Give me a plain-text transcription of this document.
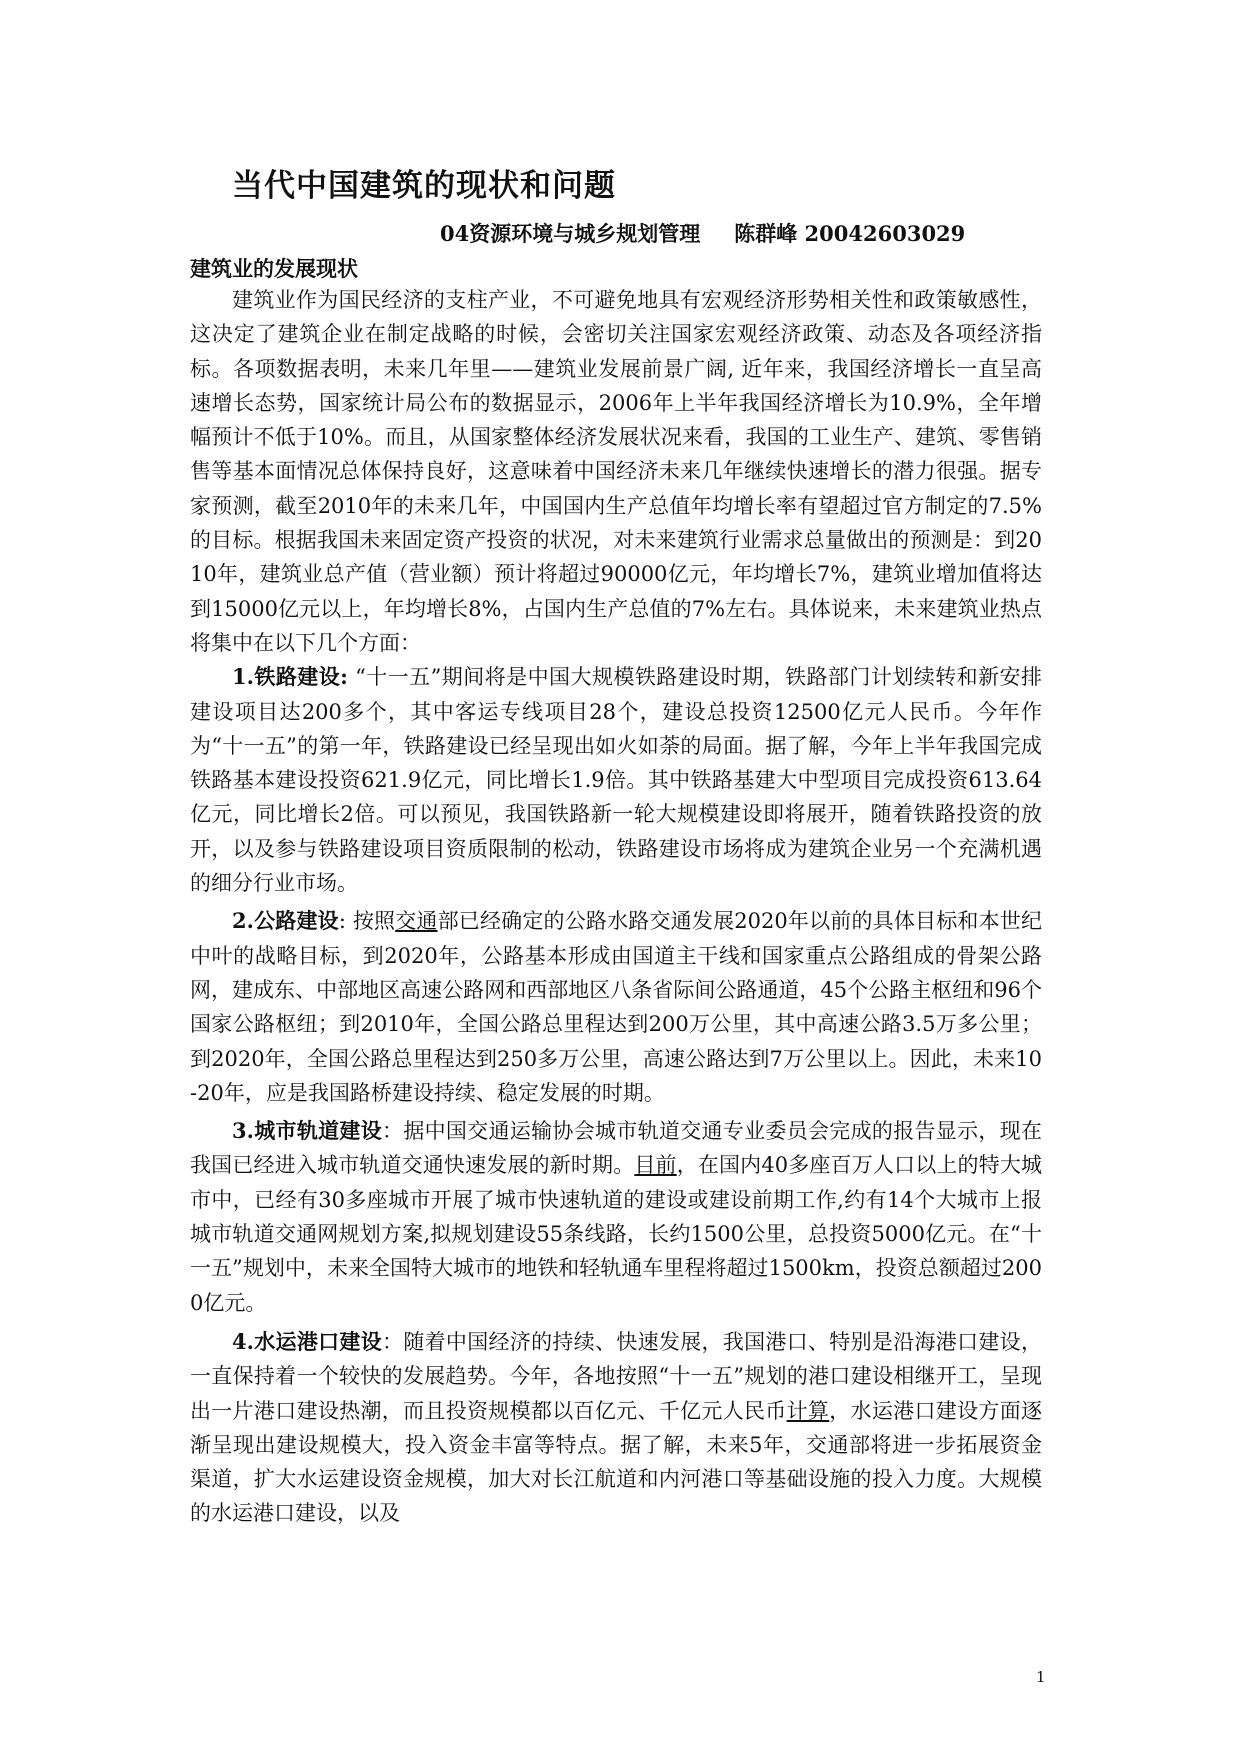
当代中国建筑的现状和问题
04资源环境与城乡规划管理 陈群峰 20042603029
建筑业的发展现状

建筑业作为国民经济的支柱产业，不可避免地具有宏观经济形势相关性和政策敏感性，这决定了建筑企业在制定战略的时候，会密切关注国家宏观经济政策、动态及各项经济指标。各项数据表明，未来几年里——建筑业发展前景广阔, 近年来，我国经济增长一直呈高速增长态势，国家统计局公布的数据显示，2006年上半年我国经济增长为10.9%，全年增幅预计不低于10%。而且，从国家整体经济发展状况来看，我国的工业生产、建筑、零售销售等基本面情况总体保持良好，这意味着中国经济未来几年继续快速增长的潜力很强。据专家预测，截至2010年的未来几年，中国国内生产总值年均增长率有望超过官方制定的7.5%的目标。根据我国未来固定资产投资的状况，对未来建筑行业需求总量做出的预测是：到2010年，建筑业总产值（营业额）预计将超过90000亿元，年均增长7%，建筑业增加值将达到15000亿元以上，年均增长8%，占国内生产总值的7%左右。具体说来，未来建筑业热点将集中在以下几个方面：

1.铁路建设: “十一五”期间将是中国大规模铁路建设时期，铁路部门计划续转和新安排建设项目达200多个，其中客运专线项目28个，建设总投资12500亿元人民币。今年作为“十一五”的第一年，铁路建设已经呈现出如火如荼的局面。据了解，今年上半年我国完成铁路基本建设投资621.9亿元，同比增长1.9倍。其中铁路基建大中型项目完成投资613.64亿元，同比增长2倍。可以预见，我国铁路新一轮大规模建设即将展开，随着铁路投资的放开，以及参与铁路建设项目资质限制的松动，铁路建设市场将成为建筑企业另一个充满机遇的细分行业市场。

2.公路建设: 按照交通部已经确定的公路水路交通发展2020年以前的具体目标和本世纪中叶的战略目标，到2020年，公路基本形成由国道主干线和国家重点公路组成的骨架公路网，建成东、中部地区高速公路网和西部地区八条省际间公路通道，45个公路主枢纽和96个国家公路枢纽；到2010年，全国公路总里程达到200万公里，其中高速公路3.5万多公里；到2020年，全国公路总里程达到250多万公里，高速公路达到7万公里以上。因此，未来10-20年，应是我国路桥建设持续、稳定发展的时期。

3.城市轨道建设：据中国交通运输协会城市轨道交通专业委员会完成的报告显示，现在我国已经进入城市轨道交通快速发展的新时期。目前，在国内40多座百万人口以上的特大城市中，已经有30多座城市开展了城市快速轨道的建设或建设前期工作,约有14个大城市上报城市轨道交通网规划方案,拟规划建设55条线路，长约1500公里，总投资5000亿元。在“十一五”规划中，未来全国特大城市的地铁和轻轨通车里程将超过1500km，投资总额超过2000亿元。

4.水运港口建设：随着中国经济的持续、快速发展，我国港口、特别是沿海港口建设，一直保持着一个较快的发展趋势。今年，各地按照“十一五”规划的港口建设相继开工，呈现出一片港口建设热潮，而且投资规模都以百亿元、千亿元人民币计算，水运港口建设方面逐渐呈现出建设规模大，投入资金丰富等特点。据了解，未来5年，交通部将进一步拓展资金渠道，扩大水运建设资金规模，加大对长江航道和内河港口等基础设施的投入力度。大规模的水运港口建设，以及

1
